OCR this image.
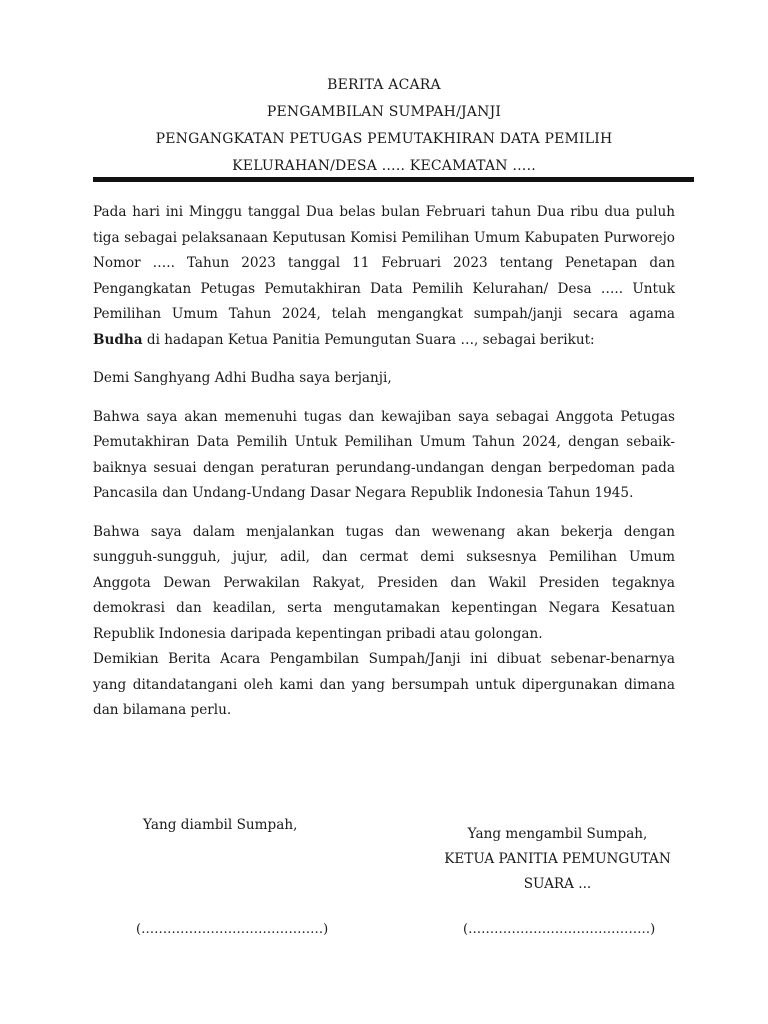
BERITA ACARA
PENGAMBILAN SUMPAH/JANJI
PENGANGKATAN PETUGAS PEMUTAKHIRAN DATA PEMILIH
KELURAHAN/DESA ….. KECAMATAN …..

Pada hari ini Minggu tanggal Dua belas bulan Februari tahun Dua ribu dua puluh tiga sebagai pelaksanaan Keputusan Komisi Pemilihan Umum Kabupaten Purworejo Nomor ….. Tahun 2023 tanggal 11 Februari 2023 tentang Penetapan dan Pengangkatan Petugas Pemutakhiran Data Pemilih Kelurahan/ Desa ….. Untuk Pemilihan Umum Tahun 2024, telah mengangkat sumpah/janji secara agama Budha di hadapan Ketua Panitia Pemungutan Suara …, sebagai berikut:

Demi Sanghyang Adhi Budha saya berjanji,

Bahwa saya akan memenuhi tugas dan kewajiban saya sebagai Anggota Petugas Pemutakhiran Data Pemilih Untuk Pemilihan Umum Tahun 2024, dengan sebaik-baiknya sesuai dengan peraturan perundang-undangan dengan berpedoman pada Pancasila dan Undang-Undang Dasar Negara Republik Indonesia Tahun 1945.

Bahwa saya dalam menjalankan tugas dan wewenang akan bekerja dengan sungguh-sungguh, jujur, adil, dan cermat demi suksesnya Pemilihan Umum Anggota Dewan Perwakilan Rakyat, Presiden dan Wakil Presiden tegaknya demokrasi dan keadilan, serta mengutamakan kepentingan Negara Kesatuan Republik Indonesia daripada kepentingan pribadi atau golongan.

Demikian Berita Acara Pengambilan Sumpah/Janji ini dibuat sebenar-benarnya yang ditandatangani oleh kami dan yang bersumpah untuk dipergunakan dimana dan bilamana perlu.

Yang diambil Sumpah,
Yang mengambil Sumpah,
KETUA PANITIA PEMUNGUTAN
SUARA ...
(……………………………………)	(……………………………………)
